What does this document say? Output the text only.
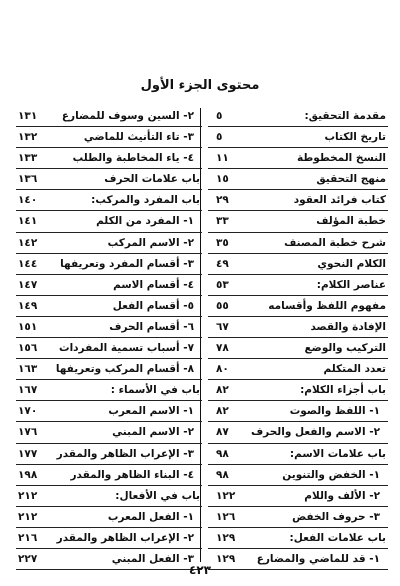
محتوى الجزء الأول
مقدمة التحقيق:
٥
تاريخ الكتاب
٥
النسخ المخطوطة
١١
منهج التحقيق
١٥
كتاب فرائد العقود
٢٩
خطبة المؤلف
٣٣
شرح خطبة المصنف
٣٥
الكلام النحوي
٤٩
عناصر الكلام:
٥٣
مفهوم اللفظ وأقسامه
٥٥
الإفادة والقصد
٦٧
التركيب والوضع
٧٨
تعدد المتكلم
٨٠
باب أجزاء الكلام:
٨٢
١- اللفظ والصوت
٨٢
٢- الاسم والفعل والحرف
٨٧
باب علامات الاسم:
٩٨
١- الخفض والتنوين
٩٨
٢- الألف واللام
١٢٢
٣- حروف الخفض
١٢٦
باب علامات الفعل:
١٢٩
١- قد للماضي والمضارع
١٢٩
٢- السين وسوف للمضارع
١٣١
٣- تاء التأنيث للماضي
١٣٢
٤- ياء المخاطبة والطلب
١٣٣
باب علامات الحرف
١٣٦
باب المفرد والمركب:
١٤٠
١- المفرد من الكلم
١٤١
٢- الاسم المركب
١٤٢
٣- أقسام المفرد وتعريفها
١٤٤
٤- أقسام الاسم
١٤٧
٥- أقسام الفعل
١٤٩
٦- أقسام الحرف
١٥١
٧- أسباب تسمية المفردات
١٥٦
٨- أقسام المركب وتعريفها
١٦٣
باب في الأسماء :
١٦٧
١- الاسم المعرب
١٧٠
٢- الاسم المبني
١٧٦
٣- الإعراب الظاهر والمقدر
١٧٧
٤- البناء الظاهر والمقدر
١٩٨
باب في الأفعال:
٢١٢
١- الفعل المعرب
٢١٢
٢- الإعراب الظاهر والمقدر
٢١٦
٣- الفعل المبني
٢٢٧
٤٢٣
